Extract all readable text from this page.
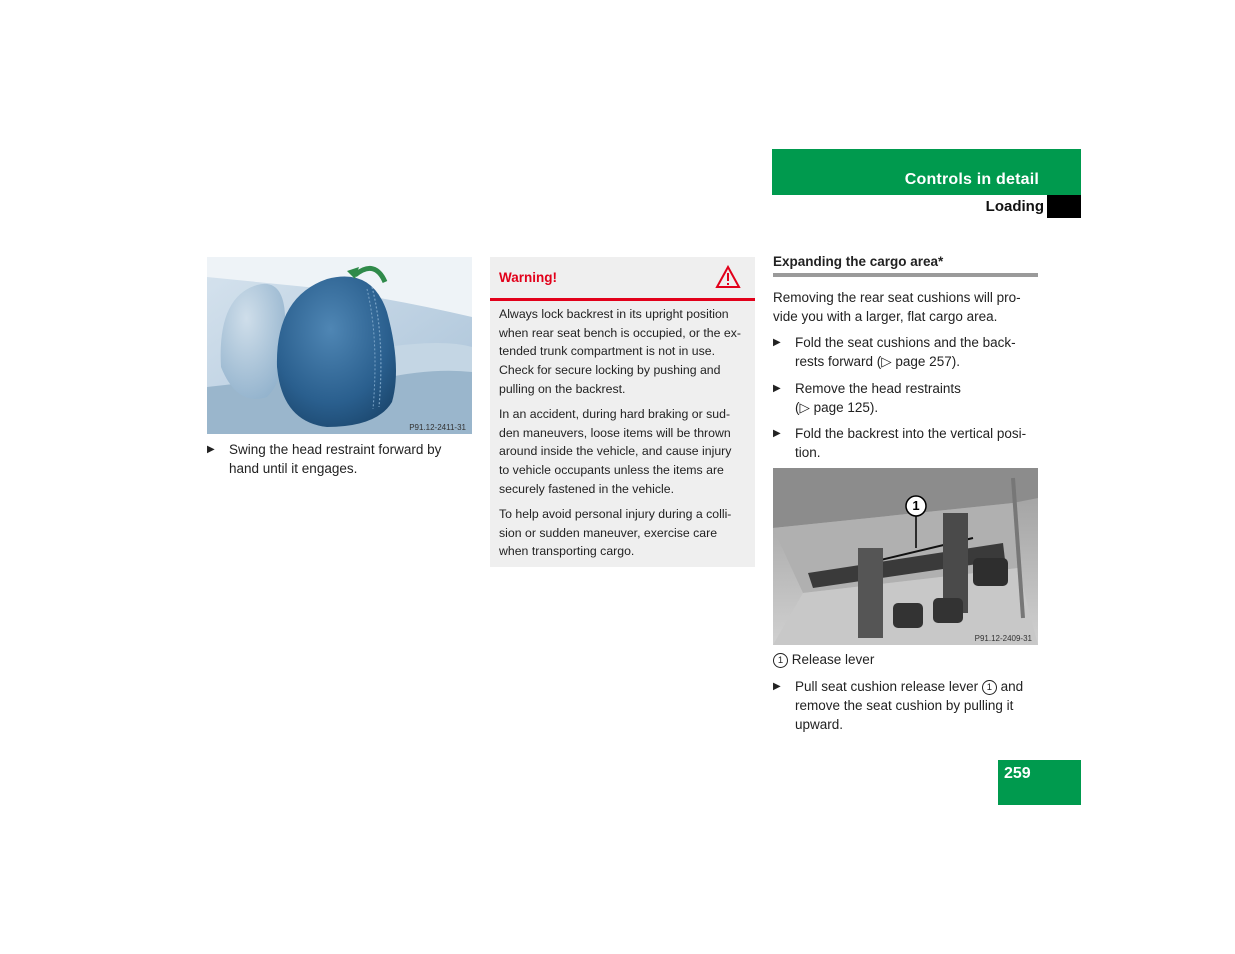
Controls in detail
Loading
P91.12-2411-31
▶ Swing the head restraint forward by
hand until it engages.
Warning!
Always lock backrest in its upright position
when rear seat bench is occupied, or the ex-
tended trunk compartment is not in use.
Check for secure locking by pushing and
pulling on the backrest.
In an accident, during hard braking or sud-
den maneuvers, loose items will be thrown
around inside the vehicle, and cause injury
to vehicle occupants unless the items are
securely fastened in the vehicle.
To help avoid personal injury during a colli-
sion or sudden maneuver, exercise care
when transporting cargo.
Expanding the cargo area*
Removing the rear seat cushions will pro-
vide you with a larger, flat cargo area.
▶ Fold the seat cushions and the back-
rests forward (▷ page 257).
▶ Remove the head restraints
(▷ page 125).
▶ Fold the backrest into the vertical posi-
tion.
1
P91.12-2409-31
1 Release lever
▶ Pull seat cushion release lever 1 and
remove the seat cushion by pulling it
upward.
259
